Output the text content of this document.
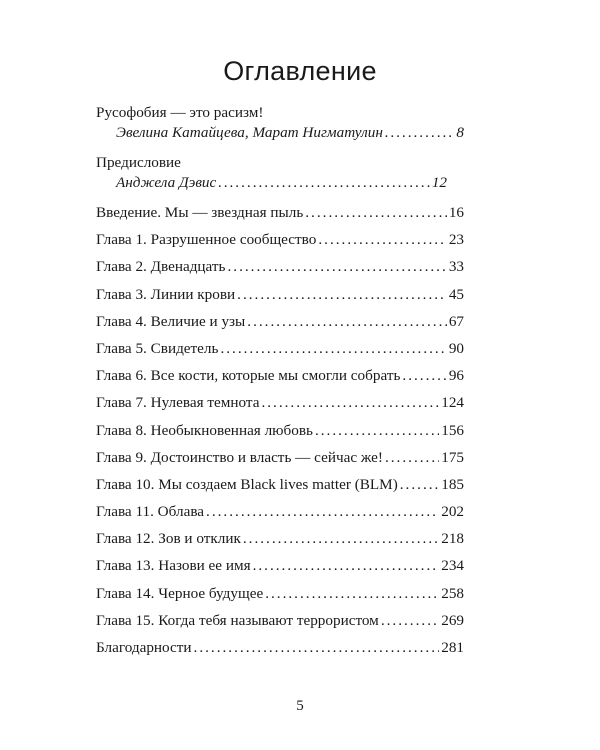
Оглавление
Русофобия — это расизм!
Эвелина Катайцева, Марат Нигматулин .....	8
Предисловие
Анджела Дэвис .....	12
Введение. Мы — звездная пыль .....	16
Глава 1. Разрушенное сообщество .....	23
Глава 2. Двенадцать .....	33
Глава 3. Линии крови .....	45
Глава 4. Величие и узы .....	67
Глава 5. Свидетель .....	90
Глава 6. Все кости, которые мы смогли собрать .....	96
Глава 7. Нулевая темнота .....	124
Глава 8. Необыкновенная любовь .....	156
Глава 9. Достоинство и власть — сейчас же! .....	175
Глава 10. Мы создаем Black lives matter (BLM) .....	185
Глава 11. Облава .....	202
Глава 12. Зов и отклик .....	218
Глава 13. Назови ее имя .....	234
Глава 14. Черное будущее .....	258
Глава 15. Когда тебя называют террористом .....	269
Благодарности .....	281
5
